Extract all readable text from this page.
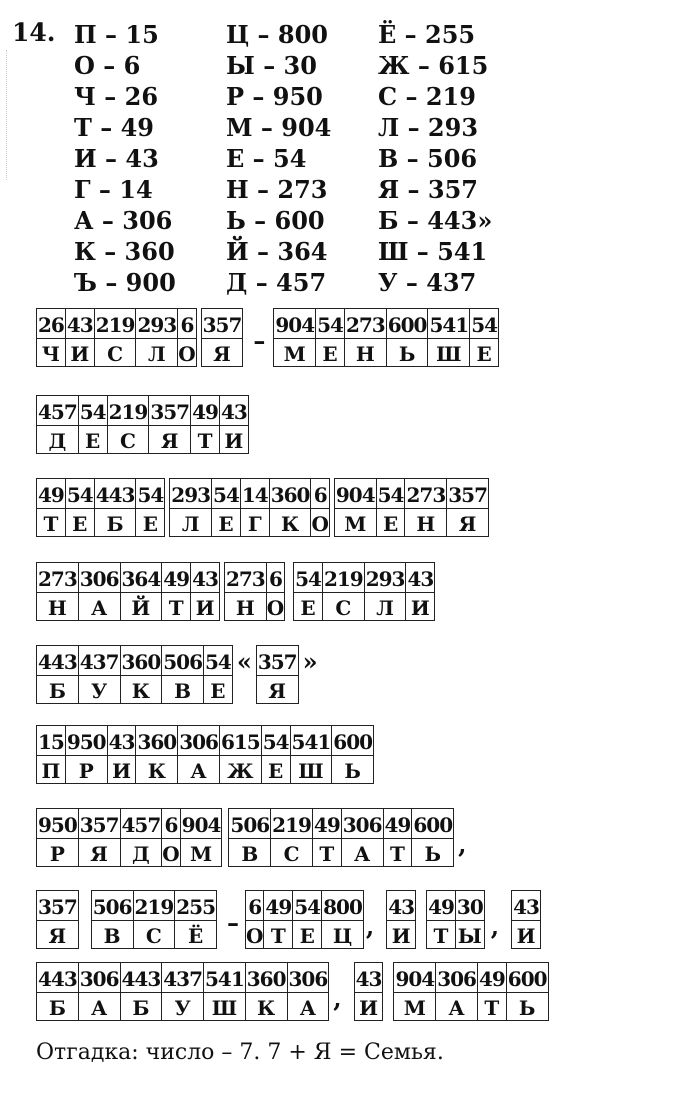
14. П – 15
О – 6
Ч – 26
Т – 49
И – 43
Г – 14
А – 306
К – 360
Ъ – 900
Ц – 800
Ы – 30
Р – 950
М – 904
Е – 54
Н – 273
Ь – 600
Й – 364
Д – 457
Ё – 255
Ж – 615
С – 219
Л – 293
В – 506
Я – 357
Б – 443»
Ш – 541
У – 437
26
Ч
43
И
219
С
293
Л
6
О
357
Я –
904
М
54
Е
273
Н
600
Ь
541
Ш
54
Е
457
Д
54
Е
219
С
357
Я
49
Т
43
И
49
Т
54
Е
443
Б
54
Е
293
Л
54
Е
14
Г
360
К
6
О
904
М
54
Е
273
Н
357
Я
273
Н
306
А
364
Й
49
Т
43
И
273
Н
6
О
54
Е
219
С
293
Л
43
И
443
Б
437
У
360
К
506
В
54
Е
« 357
Я
»
15
П
950
Р
43
И
360
К
306
А
615
Ж
54
Е
541
Ш
600
Ь
950
Р
357
Я
457
Д
6
О
904
М
506
В
219
С
49
Т
306
А
49
Т
600
Ь ,
357
Я
506
В
219
С
255
Ё –
6
О
49
Т
54
Е
800
Ц ,
43
И
49
Т
30
Ы ,
43
И
443
Б
306
А
443
Б
437
У
541
Ш
360
К
306
А ,
43
И
904
М
306
А
49
Т
600
Ь
Отгадка: число – 7. 7 + Я = Семья.
